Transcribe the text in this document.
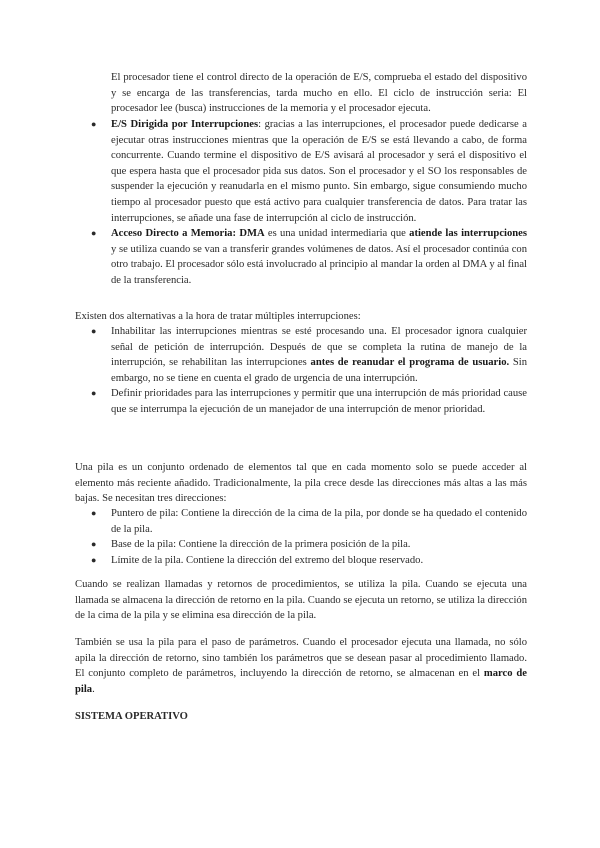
El procesador tiene el control directo de la operación de E/S, comprueba el estado del dispositivo y se encarga de las transferencias, tarda mucho en ello. El ciclo de instrucción seria: El procesador lee (busca) instrucciones de la memoria y el procesador ejecuta.

● E/S Dirigida por Interrupciones: gracias a las interrupciones, el procesador puede dedicarse a ejecutar otras instrucciones mientras que la operación de E/S se está llevando a cabo, de forma concurrente. Cuando termine el dispositivo de E/S avisará al procesador y será el dispositivo el que espera hasta que el procesador pida sus datos. Son el procesador y el SO los responsables de suspender la ejecución y reanudarla en el mismo punto. Sin embargo, sigue consumiendo mucho tiempo al procesador puesto que está activo para cualquier transferencia de datos. Para tratar las interrupciones, se añade una fase de interrupción al ciclo de instrucción.
● Acceso Directo a Memoria: DMA es una unidad intermediaria que atiende las interrupciones y se utiliza cuando se van a transferir grandes volúmenes de datos. Así el procesador continúa con otro trabajo. El procesador sólo está involucrado al principio al mandar la orden al DMA y al final de la transferencia.

Existen dos alternativas a la hora de tratar múltiples interrupciones:

● Inhabilitar las interrupciones mientras se esté procesando una. El procesador ignora cualquier señal de petición de interrupción. Después de que se completa la rutina de manejo de la interrupción, se rehabilitan las interrupciones antes de reanudar el programa de usuario. Sin embargo, no se tiene en cuenta el grado de urgencia de una interrupción.
● Definir prioridades para las interrupciones y permitir que una interrupción de más prioridad cause que se interrumpa la ejecución de un manejador de una interrupción de menor prioridad.

Una pila es un conjunto ordenado de elementos tal que en cada momento solo se puede acceder al elemento más reciente añadido. Tradicionalmente, la pila crece desde las direcciones más altas a las más bajas. Se necesitan tres direcciones:

● Puntero de pila: Contiene la dirección de la cima de la pila, por donde se ha quedado el contenido de la pila.
● Base de la pila: Contiene la dirección de la primera posición de la pila.
● Límite de la pila. Contiene la dirección del extremo del bloque reservado.

Cuando se realizan llamadas y retornos de procedimientos, se utiliza la pila. Cuando se ejecuta una llamada se almacena la dirección de retorno en la pila. Cuando se ejecuta un retorno, se utiliza la dirección de la cima de la pila y se elimina esa dirección de la pila.

También se usa la pila para el paso de parámetros. Cuando el procesador ejecuta una llamada, no sólo apila la dirección de retorno, sino también los parámetros que se desean pasar al procedimiento llamado. El conjunto completo de parámetros, incluyendo la dirección de retorno, se almacenan en el marco de pila.

SISTEMA OPERATIVO
